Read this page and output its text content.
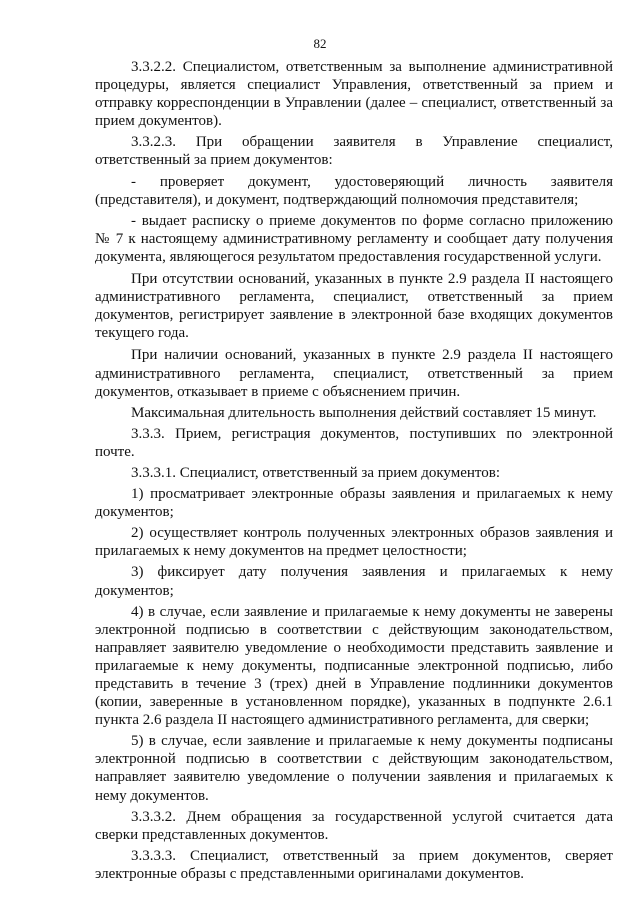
82

3.3.2.2. Специалистом, ответственным за выполнение административной процедуры, является специалист Управления, ответственный за прием и отправку корреспонденции в Управлении (далее – специалист, ответственный за прием документов).

3.3.2.3. При обращении заявителя в Управление специалист, ответственный за прием документов:

- проверяет документ, удостоверяющий личность заявителя (представителя), и документ, подтверждающий полномочия представителя;

- выдает расписку о приеме документов по форме согласно приложению № 7 к настоящему административному регламенту и сообщает дату получения документа, являющегося результатом предоставления государственной услуги.

При отсутствии оснований, указанных в пункте 2.9 раздела II настоящего административного регламента, специалист, ответственный за прием документов, регистрирует заявление в электронной базе входящих документов текущего года.

При наличии оснований, указанных в пункте 2.9 раздела II настоящего административного регламента, специалист, ответственный за прием документов, отказывает в приеме с объяснением причин.

Максимальная длительность выполнения действий составляет 15 минут.

3.3.3. Прием, регистрация документов, поступивших по электронной почте.

3.3.3.1. Специалист, ответственный за прием документов:

1) просматривает электронные образы заявления и прилагаемых к нему документов;

2) осуществляет контроль полученных электронных образов заявления и прилагаемых к нему документов на предмет целостности;

3) фиксирует дату получения заявления и прилагаемых к нему документов;

4) в случае, если заявление и прилагаемые к нему документы не заверены электронной подписью в соответствии с действующим законодательством, направляет заявителю уведомление о необходимости представить заявление и прилагаемые к нему документы, подписанные электронной подписью, либо представить в течение 3 (трех) дней в Управление подлинники документов (копии, заверенные в установленном порядке), указанных в подпункте 2.6.1 пункта 2.6 раздела II настоящего административного регламента, для сверки;

5) в случае, если заявление и прилагаемые к нему документы подписаны электронной подписью в соответствии с действующим законодательством, направляет заявителю уведомление о получении заявления и прилагаемых к нему документов.

3.3.3.2. Днем обращения за государственной услугой считается дата сверки представленных документов.

3.3.3.3. Специалист, ответственный за прием документов, сверяет электронные образы с представленными оригиналами документов.
